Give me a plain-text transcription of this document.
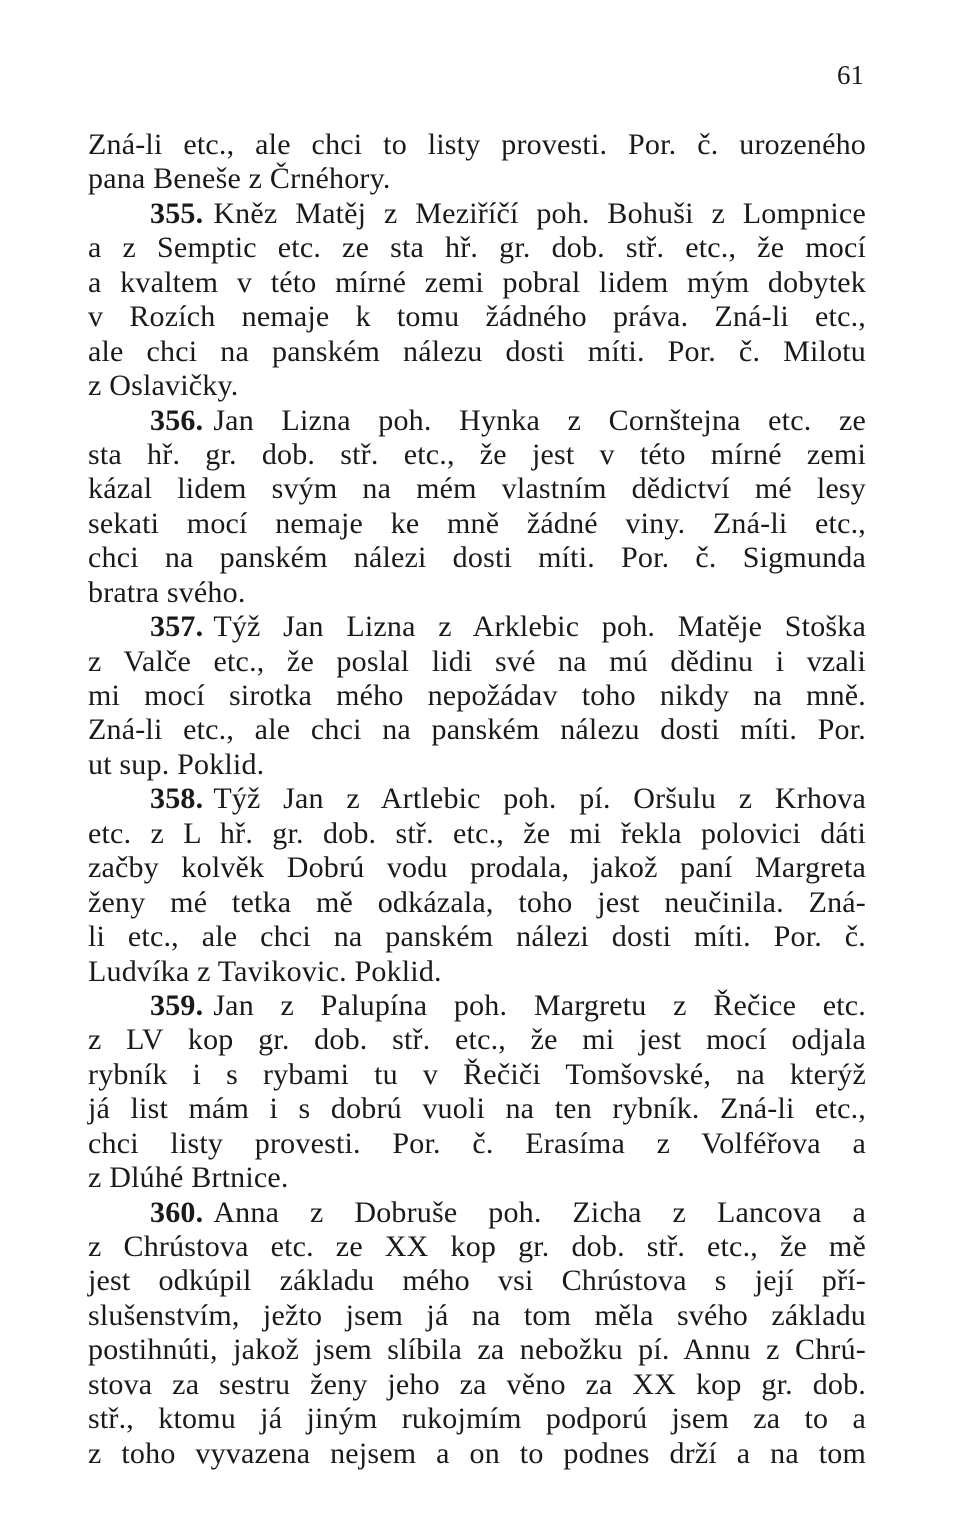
61
Zná-li etc., ale chci to listy provesti. Por. č. urozeného
pana Beneše z Črnéhory.
355. Kněz Matěj z Meziříčí poh. Bohuši z Lompnice
a z Semptic etc. ze sta hř. gr. dob. stř. etc., že mocí
a kvaltem v této mírné zemi pobral lidem mým dobytek
v Rozích nemaje k tomu žádného práva. Zná-li etc.,
ale chci na panském nálezu dosti míti. Por. č. Milotu
z Oslavičky.
356. Jan Lizna poh. Hynka z Cornštejna etc. ze
sta hř. gr. dob. stř. etc., že jest v této mírné zemi
kázal lidem svým na mém vlastním dědictví mé lesy
sekati mocí nemaje ke mně žádné viny. Zná-li etc.,
chci na panském nálezi dosti míti. Por. č. Sigmunda
bratra svého.
357. Týž Jan Lizna z Arklebic poh. Matěje Stoška
z Valče etc., že poslal lidi své na mú dědinu i vzali
mi mocí sirotka mého nepožádav toho nikdy na mně.
Zná-li etc., ale chci na panském nálezu dosti míti. Por.
ut sup. Poklid.
358. Týž Jan z Artlebic poh. pí. Oršulu z Krhova
etc. z L hř. gr. dob. stř. etc., že mi řekla polovici dáti
začby kolvěk Dobrú vodu prodala, jakož paní Margreta
ženy mé tetka mě odkázala, toho jest neučinila. Zná-
li etc., ale chci na panském nálezi dosti míti. Por. č.
Ludvíka z Tavikovic. Poklid.
359. Jan z Palupína poh. Margretu z Řečice etc.
z LV kop gr. dob. stř. etc., že mi jest mocí odjala
rybník i s rybami tu v Řečiči Tomšovské, na kterýž
já list mám i s dobrú vuoli na ten rybník. Zná-li etc.,
chci listy provesti. Por. č. Erasíma z Volféřova a
z Dlúhé Brtnice.
360. Anna z Dobruše poh. Zicha z Lancova a
z Chrústova etc. ze XX kop gr. dob. stř. etc., že mě
jest odkúpil základu mého vsi Chrústova s její pří-
slušenstvím, ježto jsem já na tom měla svého základu
postihnúti, jakož jsem slíbila za nebožku pí. Annu z Chrú-
stova za sestru ženy jeho za věno za XX kop gr. dob.
stř., ktomu já jiným rukojmím podporú jsem za to a
z toho vyvazena nejsem a on to podnes drží a na tom
